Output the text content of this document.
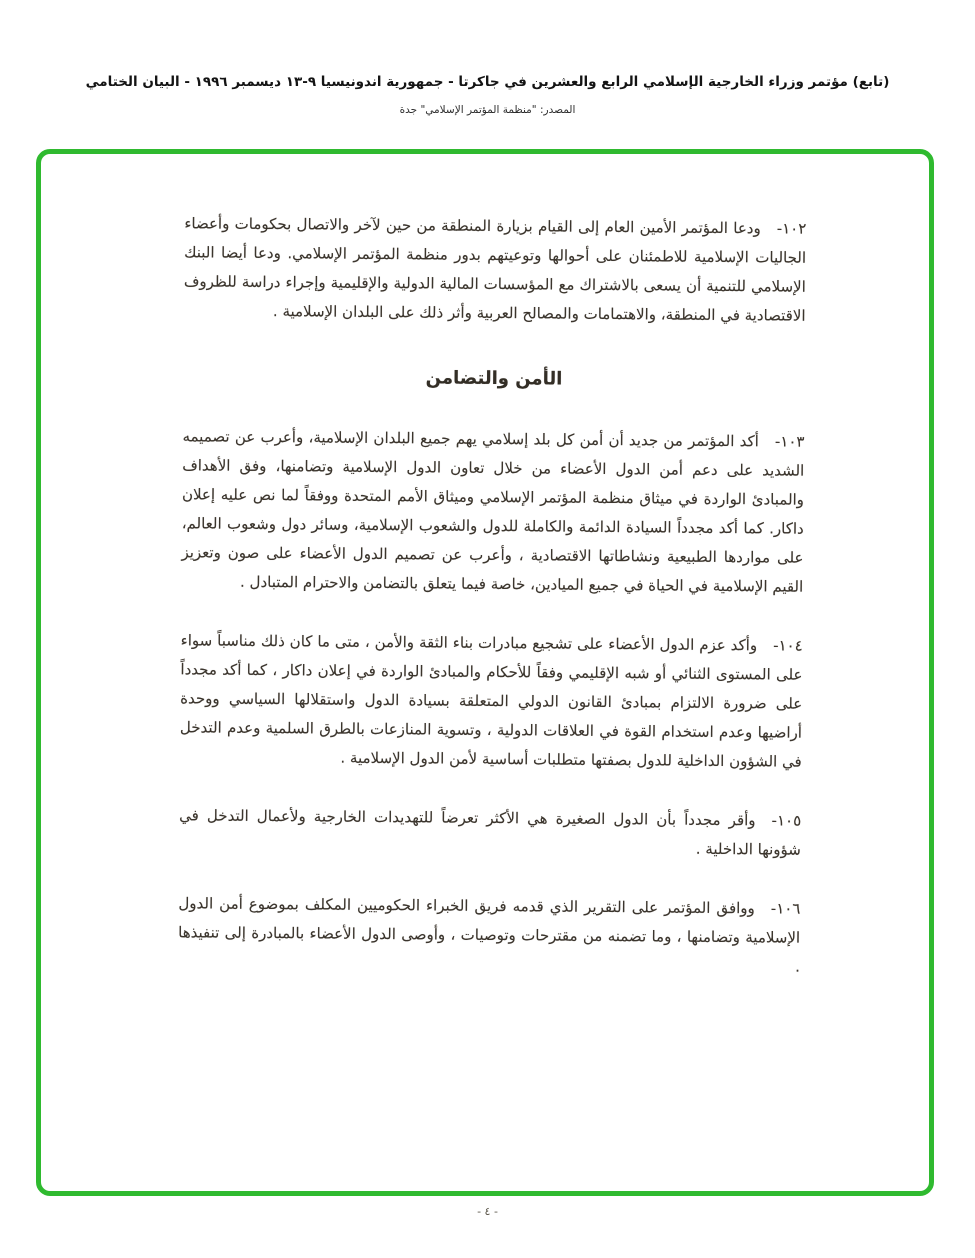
(تابع) مؤتمر وزراء الخارجية الإسلامي الرابع والعشرين في جاكرتا - جمهورية اندونيسيا ٩-١٣ ديسمبر ١٩٩٦ - البيان الختامي
المصدر: "منظمة المؤتمر الإسلامي" جدة

١٠٢-ودعا المؤتمر الأمين العام إلى القيام بزيارة المنطقة من حين لآخر والاتصال بحكومات وأعضاء الجاليات الإسلامية للاطمئنان على أحوالها وتوعيتهم بدور منظمة المؤتمر الإسلامي. ودعا أيضا البنك الإسلامي للتنمية أن يسعى بالاشتراك مع المؤسسات المالية الدولية والإقليمية وإجراء دراسة للظروف الاقتصادية في المنطقة، والاهتمامات والمصالح العربية وأثر ذلك على البلدان الإسلامية .

الأمن والتضامن

١٠٣-أكد المؤتمر من جديد أن أمن كل بلد إسلامي يهم جميع البلدان الإسلامية، وأعرب عن تصميمه الشديد على دعم أمن الدول الأعضاء من خلال تعاون الدول الإسلامية وتضامنها، وفق الأهداف والمبادئ الواردة في ميثاق منظمة المؤتمر الإسلامي وميثاق الأمم المتحدة ووفقاً لما نص عليه إعلان داكار. كما أكد مجدداً السيادة الدائمة والكاملة للدول والشعوب الإسلامية، وسائر دول وشعوب العالم، على مواردها الطبيعية ونشاطاتها الاقتصادية ، وأعرب عن تصميم الدول الأعضاء على صون وتعزيز القيم الإسلامية في الحياة في جميع الميادين، خاصة فيما يتعلق بالتضامن والاحترام المتبادل .

١٠٤-وأكد عزم الدول الأعضاء على تشجيع مبادرات بناء الثقة والأمن ، متى ما كان ذلك مناسباً سواء على المستوى الثنائي أو شبه الإقليمي وفقاً للأحكام والمبادئ الواردة في إعلان داكار ، كما أكد مجدداً على ضرورة الالتزام بمبادئ القانون الدولي المتعلقة بسيادة الدول واستقلالها السياسي ووحدة أراضيها وعدم استخدام القوة في العلاقات الدولية ، وتسوية المنازعات بالطرق السلمية وعدم التدخل في الشؤون الداخلية للدول بصفتها متطلبات أساسية لأمن الدول الإسلامية .

١٠٥-وأقر مجدداً بأن الدول الصغيرة هي الأكثر تعرضاً للتهديدات الخارجية ولأعمال التدخل في شؤونها الداخلية .

١٠٦-ووافق المؤتمر على التقرير الذي قدمه فريق الخبراء الحكوميين المكلف بموضوع أمن الدول الإسلامية وتضامنها ، وما تضمنه من مقترحات وتوصيات ، وأوصى الدول الأعضاء بالمبادرة إلى تنفيذها .

- ٤ -
